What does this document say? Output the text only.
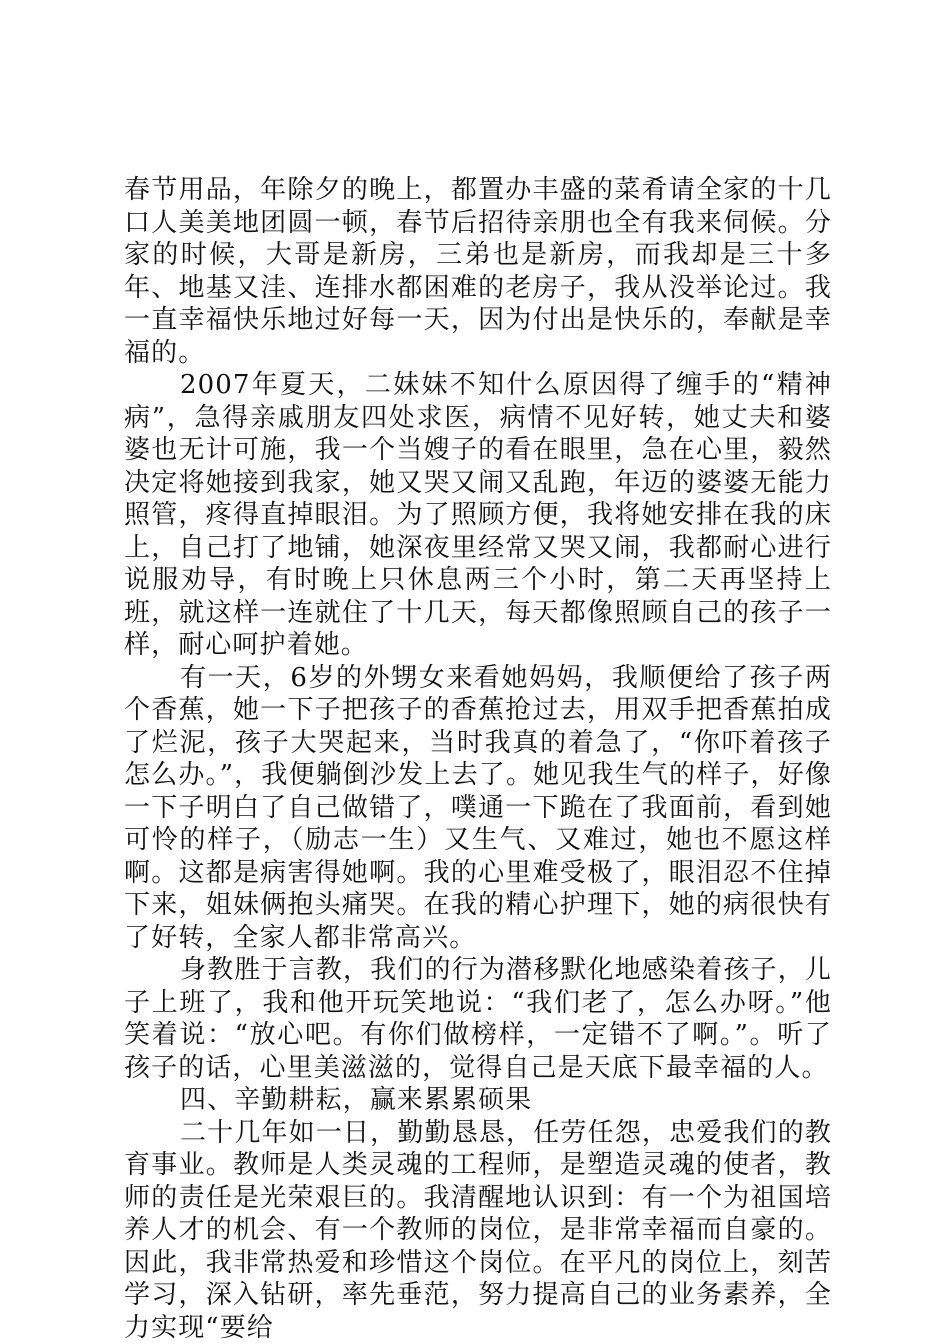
春节用品，年除夕的晚上，都置办丰盛的菜肴请全家的十几口人美美地团圆一顿，春节后招待亲朋也全有我来伺候。分家的时候，大哥是新房，三弟也是新房，而我却是三十多年、地基又洼、连排水都困难的老房子，我从没举论过。我一直幸福快乐地过好每一天，因为付出是快乐的，奉献是幸福的。

2007年夏天，二妹妹不知什么原因得了缠手的“精神病”，急得亲戚朋友四处求医，病情不见好转，她丈夫和婆婆也无计可施，我一个当嫂子的看在眼里，急在心里，毅然决定将她接到我家，她又哭又闹又乱跑，年迈的婆婆无能力照管，疼得直掉眼泪。为了照顾方便，我将她安排在我的床上，自己打了地铺，她深夜里经常又哭又闹，我都耐心进行说服劝导，有时晚上只休息两三个小时，第二天再坚持上班，就这样一连就住了十几天，每天都像照顾自己的孩子一样，耐心呵护着她。

有一天，6岁的外甥女来看她妈妈，我顺便给了孩子两个香蕉，她一下子把孩子的香蕉抢过去，用双手把香蕉拍成了烂泥，孩子大哭起来，当时我真的着急了，“你吓着孩子怎么办。”，我便躺倒沙发上去了。她见我生气的样子，好像一下子明白了自己做错了，噗通一下跪在了我面前，看到她可怜的样子，（励志一生）又生气、又难过，她也不愿这样啊。这都是病害得她啊。我的心里难受极了，眼泪忍不住掉下来，姐妹俩抱头痛哭。在我的精心护理下，她的病很快有了好转，全家人都非常高兴。

身教胜于言教，我们的行为潜移默化地感染着孩子，儿子上班了，我和他开玩笑地说：“我们老了，怎么办呀。”他笑着说：“放心吧。有你们做榜样，一定错不了啊。”。听了孩子的话，心里美滋滋的，觉得自己是天底下最幸福的人。

四、辛勤耕耘，赢来累累硕果

二十几年如一日，勤勤恳恳，任劳任怨，忠爱我们的教育事业。教师是人类灵魂的工程师，是塑造灵魂的使者，教师的责任是光荣艰巨的。我清醒地认识到：有一个为祖国培养人才的机会、有一个教师的岗位，是非常幸福而自豪的。因此，我非常热爱和珍惜这个岗位。在平凡的岗位上，刻苦学习，深入钻研，率先垂范，努力提高自己的业务素养，全力实现“要给
